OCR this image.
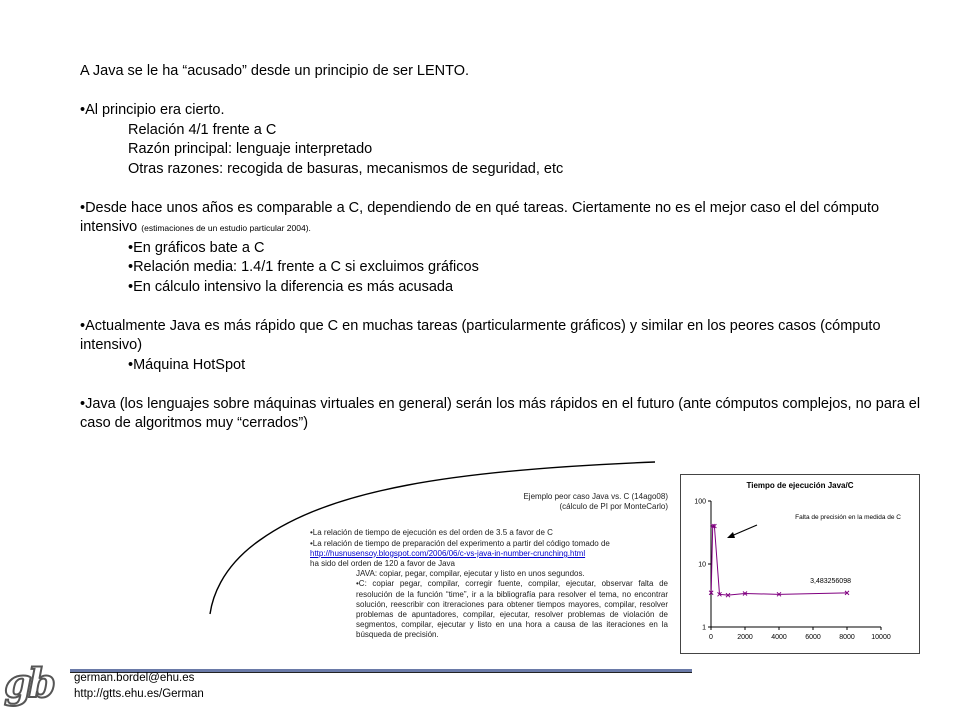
A Java se le ha “acusado” desde un principio de ser LENTO.

•Al principio era cierto.

Relación 4/1 frente a C

Razón principal: lenguaje interpretado

Otras razones: recogida de basuras, mecanismos de seguridad, etc

•Desde hace unos años es comparable a C, dependiendo de en qué tareas. Ciertamente no es el mejor caso el del cómputo intensivo (estimaciones de un estudio particular 2004).

•En gráficos bate a C

•Relación media: 1.4/1 frente a C si excluimos gráficos

•En cálculo intensivo la diferencia es más acusada

•Actualmente Java es más rápido que C en muchas tareas (particularmente gráficos) y similar en los peores casos (cómputo intensivo)

•Máquina HotSpot

•Java (los lenguajes sobre máquinas virtuales en general) serán los más rápidos en el futuro (ante cómputos complejos, no para el caso de algoritmos muy “cerrados”)

Ejemplo peor caso Java vs. C (14ago08)
(cálculo de PI por MonteCarlo)
•La relación de tiempo de ejecución es del orden de 3.5 a favor de C
•La relación de tiempo de preparación del experimento a partir del código tomado de
http://husnusensoy.blogspot.com/2006/06/c-vs-java-in-number-crunching.html
ha sido del orden de 120 a favor de Java
JAVA: copiar, pegar, compilar, ejecutar y listo en unos segundos.
•C: copiar pegar, compilar, corregir fuente, compilar, ejecutar, observar falta de resolución de la función “time”, ir a la bibliografía para resolver el tema, no encontrar solución, reescribir con itreraciones para obtener tiempos mayores, compilar, resolver problemas de apuntadores, compilar, ejecutar, resolver problemas de violación de segmentos, compilar, ejecutar y listo en una hora a causa de las iteraciones en la búsqueda de precisión.
Tiempo de ejecución Java/C
1
10
100
0	2000	4000	6000	8000 10000
Falta de precisión en la medida de C
3,483256098
gb german.bordel@ehu.es
http://gtts.ehu.es/German
